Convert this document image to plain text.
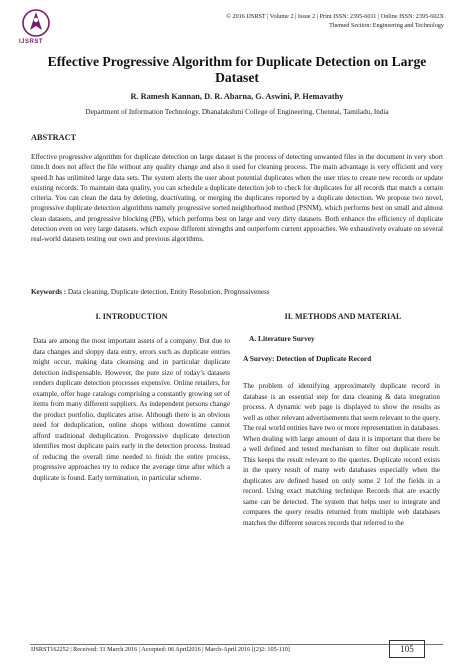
IJSRST
© 2016 IJSRST | Volume 2 | Issue 2 | Print ISSN: 2395-6011 | Online ISSN: 2395-602X
Themed Section: Engineering and Technology
Effective Progressive Algorithm for Duplicate Detection on Large Dataset
R. Ramesh Kannan, D. R. Abarna, G. Aswini, P. Hemavathy
Department of Information Technology, Dhanalakshmi College of Engineering, Chennai, Tamiladu, India
ABSTRACT
Effective progressive algorithm for duplicate detection on large dataset is the process of detecting unwanted files in the document in very short time.It does not affect the file without any quality change and also it used for cleaning process. The main advantage is very efficient and very speed.It has unlimited large data sets. The system alerts the user about potential duplicates when the user tries to create new records or update existing records. To maintain data quality, you can schedule a duplicate detection job to check for duplicates for all records that match a certain criteria. You can clean the data by deleting, deactivating, or merging the duplicates reported by a duplicate detection. We propose two novel, progressive duplicate detection algorithms namely progressive sorted neighborhood method (PSNM), which performs best on small and almost clean datasets, and progressive blocking (PB), which performs best on large and very dirty datasets. Both enhance the efficiency of duplicate detection even on very large datasets. which expose different strengths and outperform current approaches. We exhaustively evaluate on several real-world datasets testing our own and previous algorithms.
Keywords : Data cleaning, Duplicate detection, Entity Resolution, Progressiveness
I. INTRODUCTION
Data are among the most important assets of a company. But due to data changes and sloppy data entry, errors such as duplicate entries might occur, making data cleansing and in particular duplicate detection indispensable. However, the pure size of today’s datasets renders duplicate detection processes expensive. Online retailers, for example, offer huge catalogs comprising a constantly growing set of items from many different suppliers. As independent persons change the product portfolio, duplicates arise. Although there is an obvious need for deduplication, online shops without downtime cannot afford traditional deduplication. Progressive duplicate detection identifies most duplicate pairs early in the detection process. Instead of reducing the overall time needed to finish the entire process, progressive approaches try to reduce the average time after which a duplicate is found. Early termination, in particular scheme.
II. METHODS AND MATERIAL
A. Literature Survey
A Survey: Detection of Duplicate Record
The problem of identifying approximately duplicate record in database is an essential step for data cleaning & data integration process. A dynamic web page is displayed to show the results as well as other relevant advertisements that seem relevant to the query. The real world entities have two or more representation in databases. When dealing with large amount of data it is important that there be a well defined and tested mechanism to filter out duplicate result. This keeps the result relevant to the queries. Duplicate record exists in the query result of many web databases especially when the duplicates are defined based on only some 2 1of the fields in a record. Using exact matching technique Records that are exactly same can be detected. The system that helps user to integrate and compares the query results returned from multiple web databases matches the different sources records that referred to the
IJSRST162252 | Received: 31 March 2016 | Accepted: 06 April2016 | March-April 2016 [(2)2: 105-110]	105
